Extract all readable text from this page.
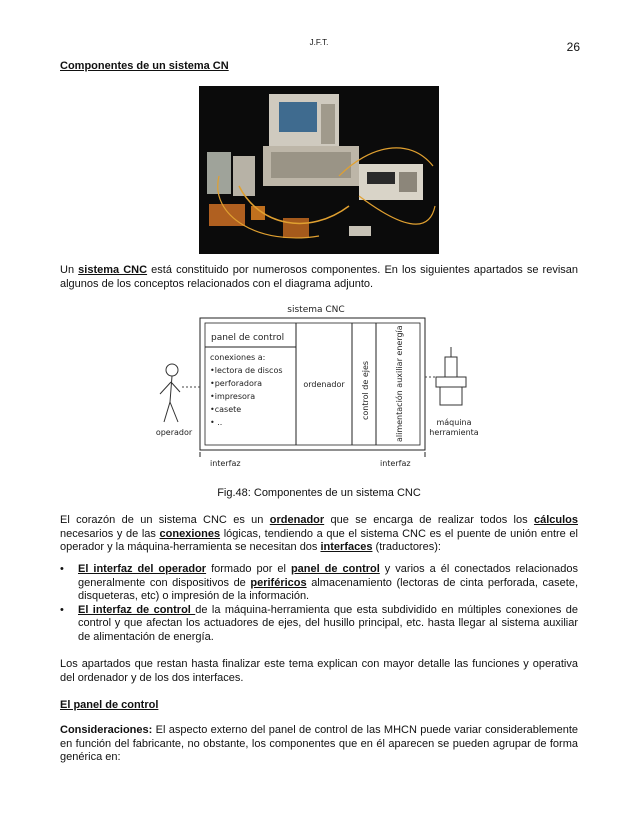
J.F.T.	26
Componentes de un sistema CN

Un sistema CNC está constituido por numerosos componentes. En los siguientes apartados se revisan algunos de los conceptos relacionados con el diagrama adjunto.

sistema CNC
panel de control
conexiones a:
•lectora de discos
•perforadora
•impresora
•casete
• ..
ordenador control de ejes	alimentación auxiliar energía
operador
máquina
herramienta
interfaz	interfaz
Fig.48: Componentes de un sistema CNC

El corazón de un sistema CNC es un ordenador que se encarga de realizar todos los cálculos necesarios y de las conexiones lógicas, tendiendo a que el sistema CNC es el puente de unión entre el operador y la máquina-herramienta se necesitan dos interfaces (traductores):

• El interfaz del operador formado por el panel de control y varios a él conectados relacionados generalmente con dispositivos de periféricos almacenamiento (lectoras de cinta perforada, casete, disqueteras, etc) o impresión de la información.
• El interfaz de control de la máquina-herramienta que esta subdividido en múltiples conexiones de control y que afectan los actuadores de ejes, del husillo principal, etc. hasta llegar al sistema auxiliar de alimentación de energía.

Los apartados que restan hasta finalizar este tema explican con mayor detalle las funciones y operativa del ordenador y de los dos interfaces.

El panel de control

Consideraciones: El aspecto externo del panel de control de las MHCN puede variar considerablemente en función del fabricante, no obstante, los componentes que en él aparecen se pueden agrupar de forma genérica en:
